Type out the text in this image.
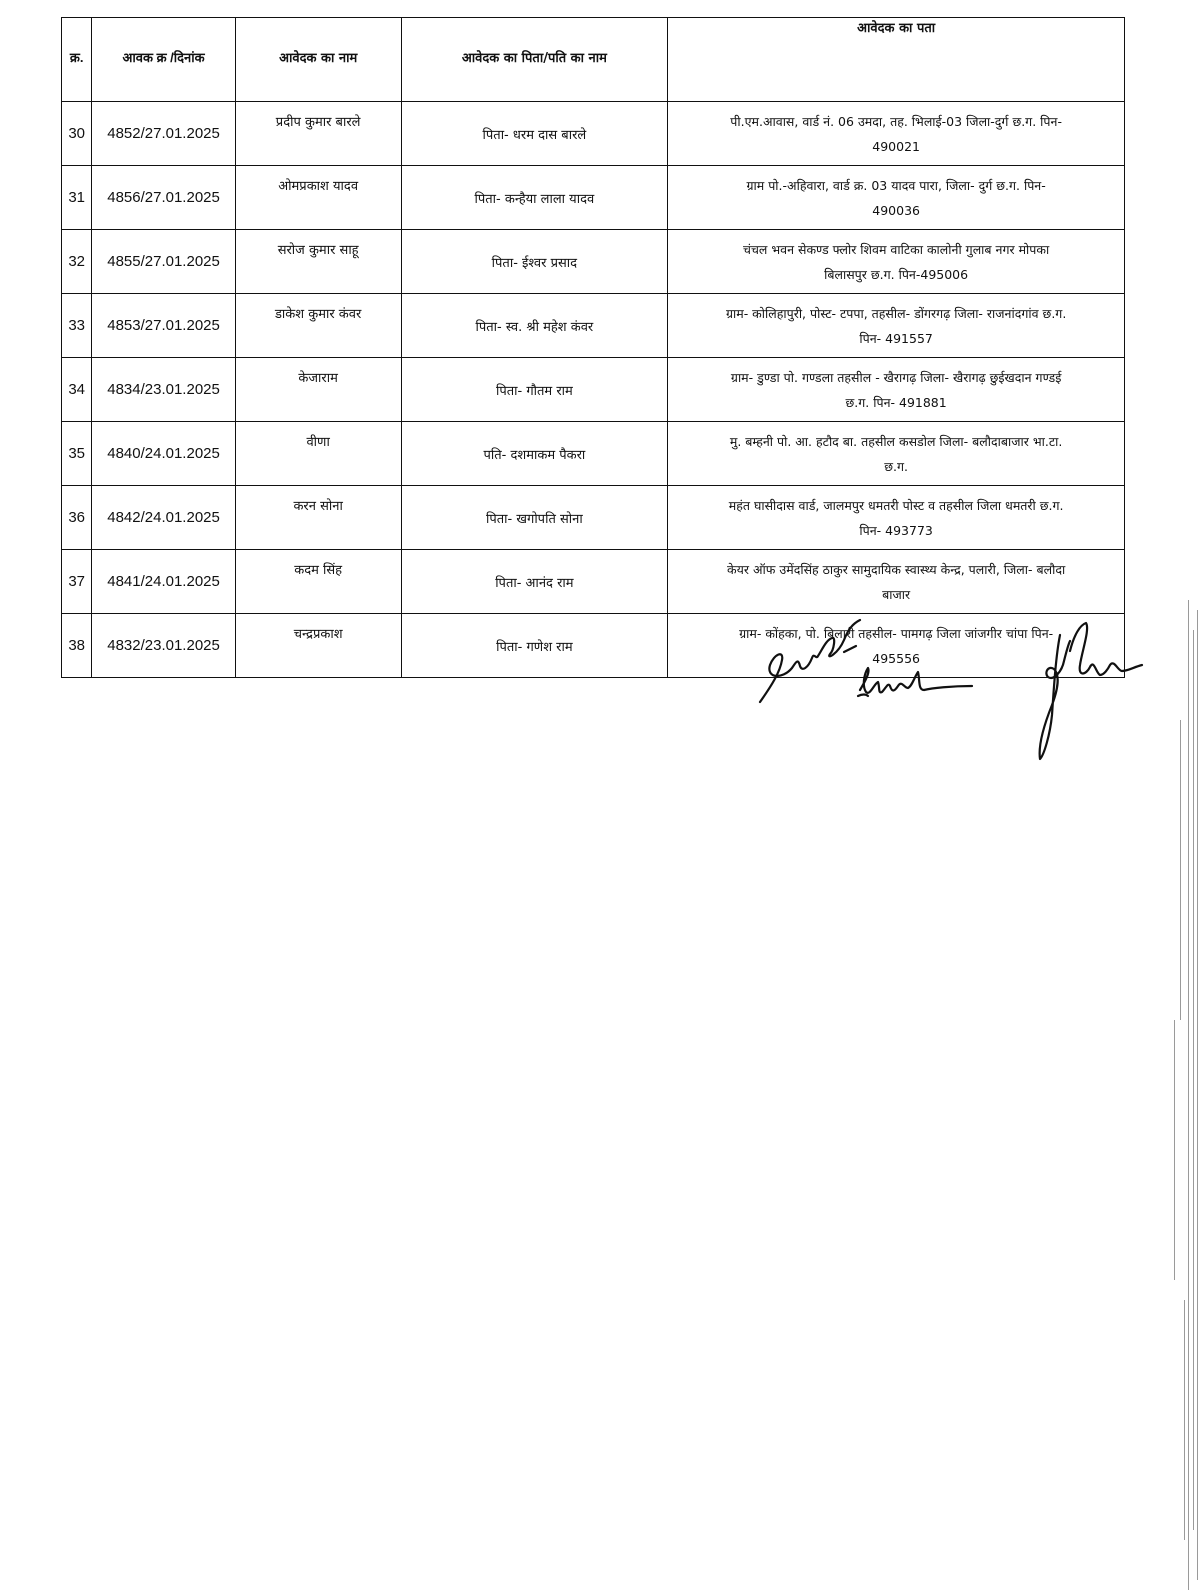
क्र.	आवक क्र /दिनांक	आवेदक का नाम	आवेदक का पिता/पति का नाम	आवेदक का पता
30	4852/27.01.2025	प्रदीप कुमार बारले	पिता- धरम दास बारले	पी.एम.आवास, वार्ड नं. 06 उमदा, तह. भिलाई-03 जिला-दुर्ग छ.ग. पिन-
490021

31	4856/27.01.2025	ओमप्रकाश यादव	पिता- कन्हैया लाला यादव	ग्राम पो.-अहिवारा, वार्ड क्र. 03 यादव पारा, जिला- दुर्ग छ.ग. पिन-
490036

32	4855/27.01.2025	सरोज कुमार साहू	पिता- ईश्वर प्रसाद	चंचल भवन सेकण्ड फ्लोर शिवम वाटिका कालोनी गुलाब नगर मोपका
बिलासपुर छ.ग. पिन-495006

33	4853/27.01.2025	डाकेश कुमार कंवर	पिता- स्व. श्री महेश कंवर	ग्राम- कोलिहापुरी, पोस्ट- टपपा, तहसील- डोंगरगढ़ जिला- राजनांदगांव छ.ग.
पिन- 491557

34	4834/23.01.2025	केजाराम	पिता- गौतम राम	ग्राम- डुण्डा पो. गण्डला तहसील - खैरागढ़ जिला- खैरागढ़ छुईखदान गण्डई
छ.ग. पिन- 491881

35	4840/24.01.2025	वीणा	पति- दशमाकम पैकरा	मु. बम्हनी पो. आ. हटौद बा. तहसील कसडोल जिला- बलौदाबाजार भा.टा.
छ.ग.

36	4842/24.01.2025	करन सोना	पिता- खगोपति सोना	महंत घासीदास वार्ड, जालमपुर धमतरी पोस्ट व तहसील जिला धमतरी छ.ग.
पिन- 493773

37	4841/24.01.2025	कदम सिंह	पिता- आनंद राम	केयर ऑफ उमेंदसिंह ठाकुर सामुदायिक स्वास्थ्य केन्द्र, पलारी, जिला- बलौदा
बाजार

38	4832/23.01.2025	चन्द्रप्रकाश	पिता- गणेश राम	ग्राम- कोंहका, पो. बिलारी तहसील- पामगढ़ जिला जांजगीर चांपा पिन-
495556
